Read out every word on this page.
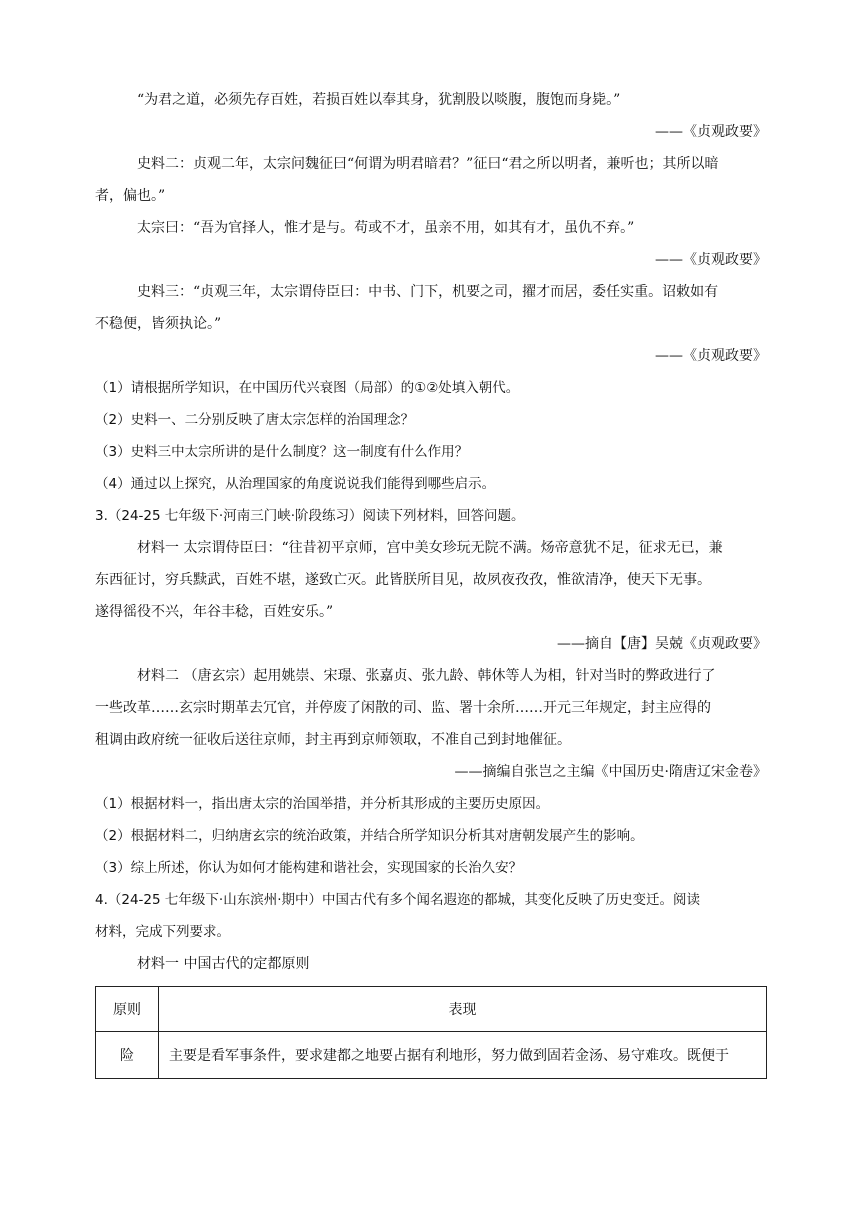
“为君之道，必须先存百姓，若损百姓以奉其身，犹割股以啖腹，腹饱而身毙。”

——《贞观政要》

史料二：贞观二年，太宗问魏征曰“何谓为明君暗君？”征曰“君之所以明者，兼听也；其所以暗

者，偏也。”

太宗曰：“吾为官择人，惟才是与。苟或不才，虽亲不用，如其有才，虽仇不弃。”

——《贞观政要》

史料三：“贞观三年，太宗谓侍臣曰：中书、门下，机要之司，擢才而居，委任实重。诏敕如有

不稳便，皆须执论。”

——《贞观政要》

（1）请根据所学知识，在中国历代兴衰图（局部）的①②处填入朝代。

（2）史料一、二分别反映了唐太宗怎样的治国理念？

（3）史料三中太宗所讲的是什么制度？这一制度有什么作用？

（4）通过以上探究，从治理国家的角度说说我们能得到哪些启示。

3.（24-25 七年级下·河南三门峡·阶段练习）阅读下列材料，回答问题。

材料一 太宗谓侍臣曰：“往昔初平京师，宫中美女珍玩无院不满。炀帝意犹不足，征求无已，兼

东西征讨，穷兵黩武，百姓不堪，遂致亡灭。此皆朕所目见，故夙夜孜孜，惟欲清净，使天下无事。

遂得徭役不兴，年谷丰稔，百姓安乐。”

——摘自【唐】吴兢《贞观政要》

材料二 （唐玄宗）起用姚崇、宋璟、张嘉贞、张九龄、韩休等人为相，针对当时的弊政进行了

一些改革……玄宗时期革去冗官，并停废了闲散的司、监、署十余所……开元三年规定，封主应得的

租调由政府统一征收后送往京师，封主再到京师领取，不准自己到封地催征。

——摘编自张岂之主编《中国历史·隋唐辽宋金卷》

（1）根据材料一，指出唐太宗的治国举措，并分析其形成的主要历史原因。

（2）根据材料二，归纳唐玄宗的统治政策，并结合所学知识分析其对唐朝发展产生的影响。

（3）综上所述，你认为如何才能构建和谐社会，实现国家的长治久安？

4.（24-25 七年级下·山东滨州·期中）中国古代有多个闻名遐迩的都城，其变化反映了历史变迁。阅读

材料，完成下列要求。

材料一 中国古代的定都原则

原则	表现
险	主要是看军事条件，要求建都之地要占据有利地形，努力做到固若金汤、易守难攻。既便于
